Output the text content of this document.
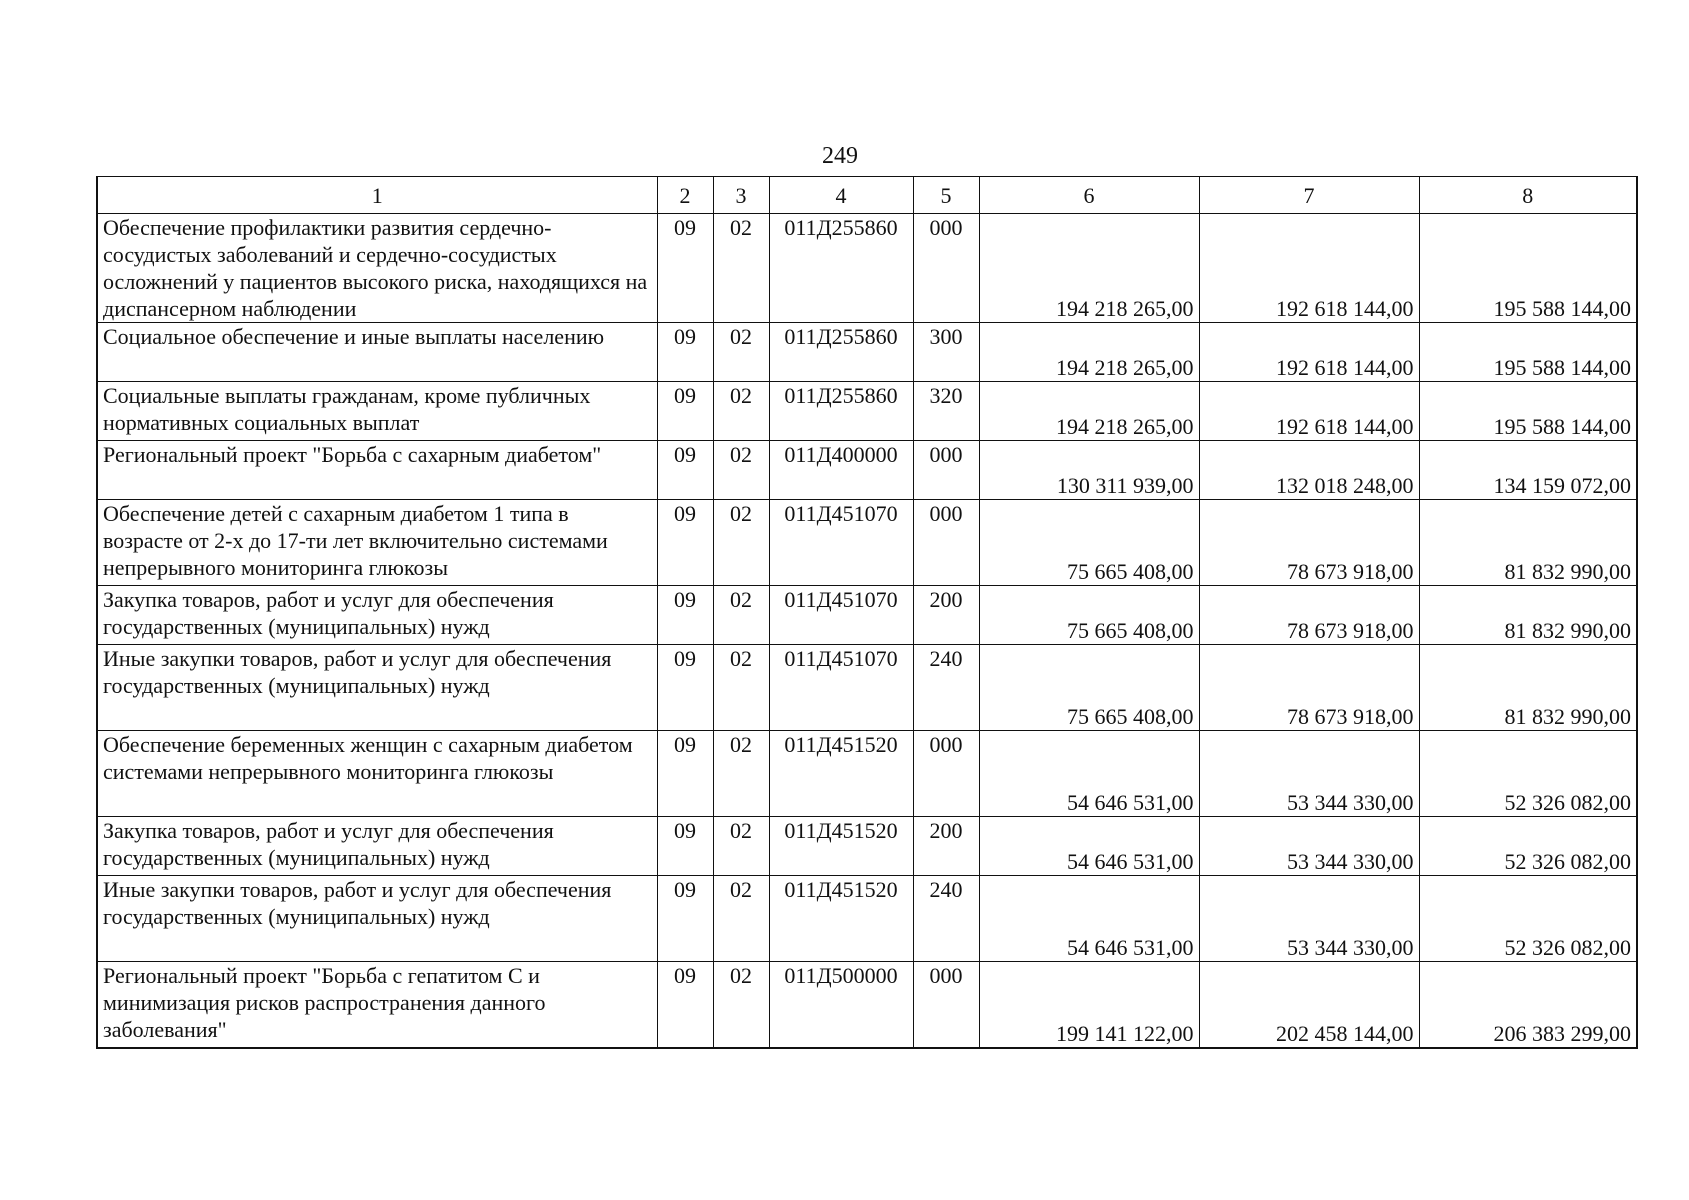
249
1	2	3	4	5	6	7	8
Обеспечение профилактики развития сердечно-сосудистых заболеваний и сердечно-сосудистых осложнений у пациентов высокого риска, находящихся на диспансерном наблюдении	09	02	011Д255860	000	194 218 265,00	192 618 144,00	195 588 144,00
Социальное обеспечение и иные выплаты населению	09	02	011Д255860	300	194 218 265,00	192 618 144,00	195 588 144,00
Социальные выплаты гражданам, кроме публичных нормативных социальных выплат	09	02	011Д255860	320	194 218 265,00	192 618 144,00	195 588 144,00
Региональный проект "Борьба с сахарным диабетом"	09	02	011Д400000	000	130 311 939,00	132 018 248,00	134 159 072,00
Обеспечение детей с сахарным диабетом 1 типа в возрасте от 2-х до 17-ти лет включительно системами непрерывного мониторинга глюкозы	09	02	011Д451070	000	75 665 408,00	78 673 918,00	81 832 990,00
Закупка товаров, работ и услуг для обеспечения государственных (муниципальных) нужд	09	02	011Д451070	200	75 665 408,00	78 673 918,00	81 832 990,00
Иные закупки товаров, работ и услуг для обеспечения государственных (муниципальных) нужд	09	02	011Д451070	240	75 665 408,00	78 673 918,00	81 832 990,00
Обеспечение беременных женщин с сахарным диабетом системами непрерывного мониторинга глюкозы	09	02	011Д451520	000	54 646 531,00	53 344 330,00	52 326 082,00
Закупка товаров, работ и услуг для обеспечения государственных (муниципальных) нужд	09	02	011Д451520	200	54 646 531,00	53 344 330,00	52 326 082,00
Иные закупки товаров, работ и услуг для обеспечения государственных (муниципальных) нужд	09	02	011Д451520	240	54 646 531,00	53 344 330,00	52 326 082,00
Региональный проект "Борьба с гепатитом С и минимизация рисков распространения данного заболевания"	09	02	011Д500000	000	199 141 122,00	202 458 144,00	206 383 299,00
